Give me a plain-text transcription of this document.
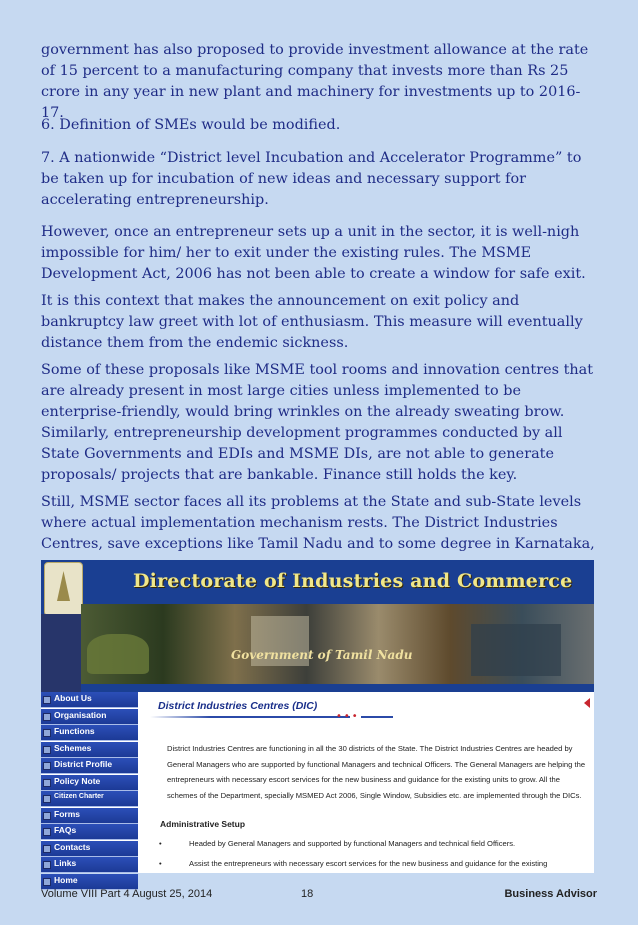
government has also proposed to provide investment allowance at the rate of 15 percent to a manufacturing company that invests more than Rs 25 crore in any year in new plant and machinery for investments up to 2016-17.

6. Definition of SMEs would be modified.

7. A nationwide “District level Incubation and Accelerator Programme” to be taken up for incubation of new ideas and necessary support for accelerating entrepreneurship.

However, once an entrepreneur sets up a unit in the sector, it is well-nigh impossible for him/ her to exit under the existing rules. The MSME Development Act, 2006 has not been able to create a window for safe exit.

It is this context that makes the announcement on exit policy and bankruptcy law greet with lot of enthusiasm. This measure will eventually distance them from the endemic sickness.

Some of these proposals like MSME tool rooms and innovation centres that are already present in most large cities unless implemented to be enterprise-friendly, would bring wrinkles on the already sweating brow. Similarly, entrepreneurship development programmes conducted by all State Governments and EDIs and MSME DIs, are not able to generate proposals/ projects that are bankable. Finance still holds the key.

Still, MSME sector faces all its problems at the State and sub-State levels where actual implementation mechanism rests. The District Industries Centres, save exceptions like Tamil Nadu and to some degree in Karnataka,

Directorate of Industries and Commerce
Government of Tamil Nadu
About Us
Organisation
Functions
Schemes
District Profile
Policy Note
Citizen Charter
Forms
FAQs
Contacts
Links
Home
District Industries Centres (DIC)
•••

District Industries Centres are functioning in all the 30 districts of the State. The District Industries Centres are headed by General Managers who are supported by functional Managers and technical Officers. The General Managers are helping the entrepreneurs with necessary escort services for the new business and guidance for the existing units to grow. All the schemes of the Department, specially MSMED Act 2006, Single Window, Subsidies etc. are implemented through the DICs.

Administrative Setup
•	Headed by General Managers and supported by functional Managers and technical field Officers.
•	Assist the entrepreneurs with necessary escort services for the new business and guidance for the existing
Volume VIII Part 4 August 25, 2014	18	Business Advisor
